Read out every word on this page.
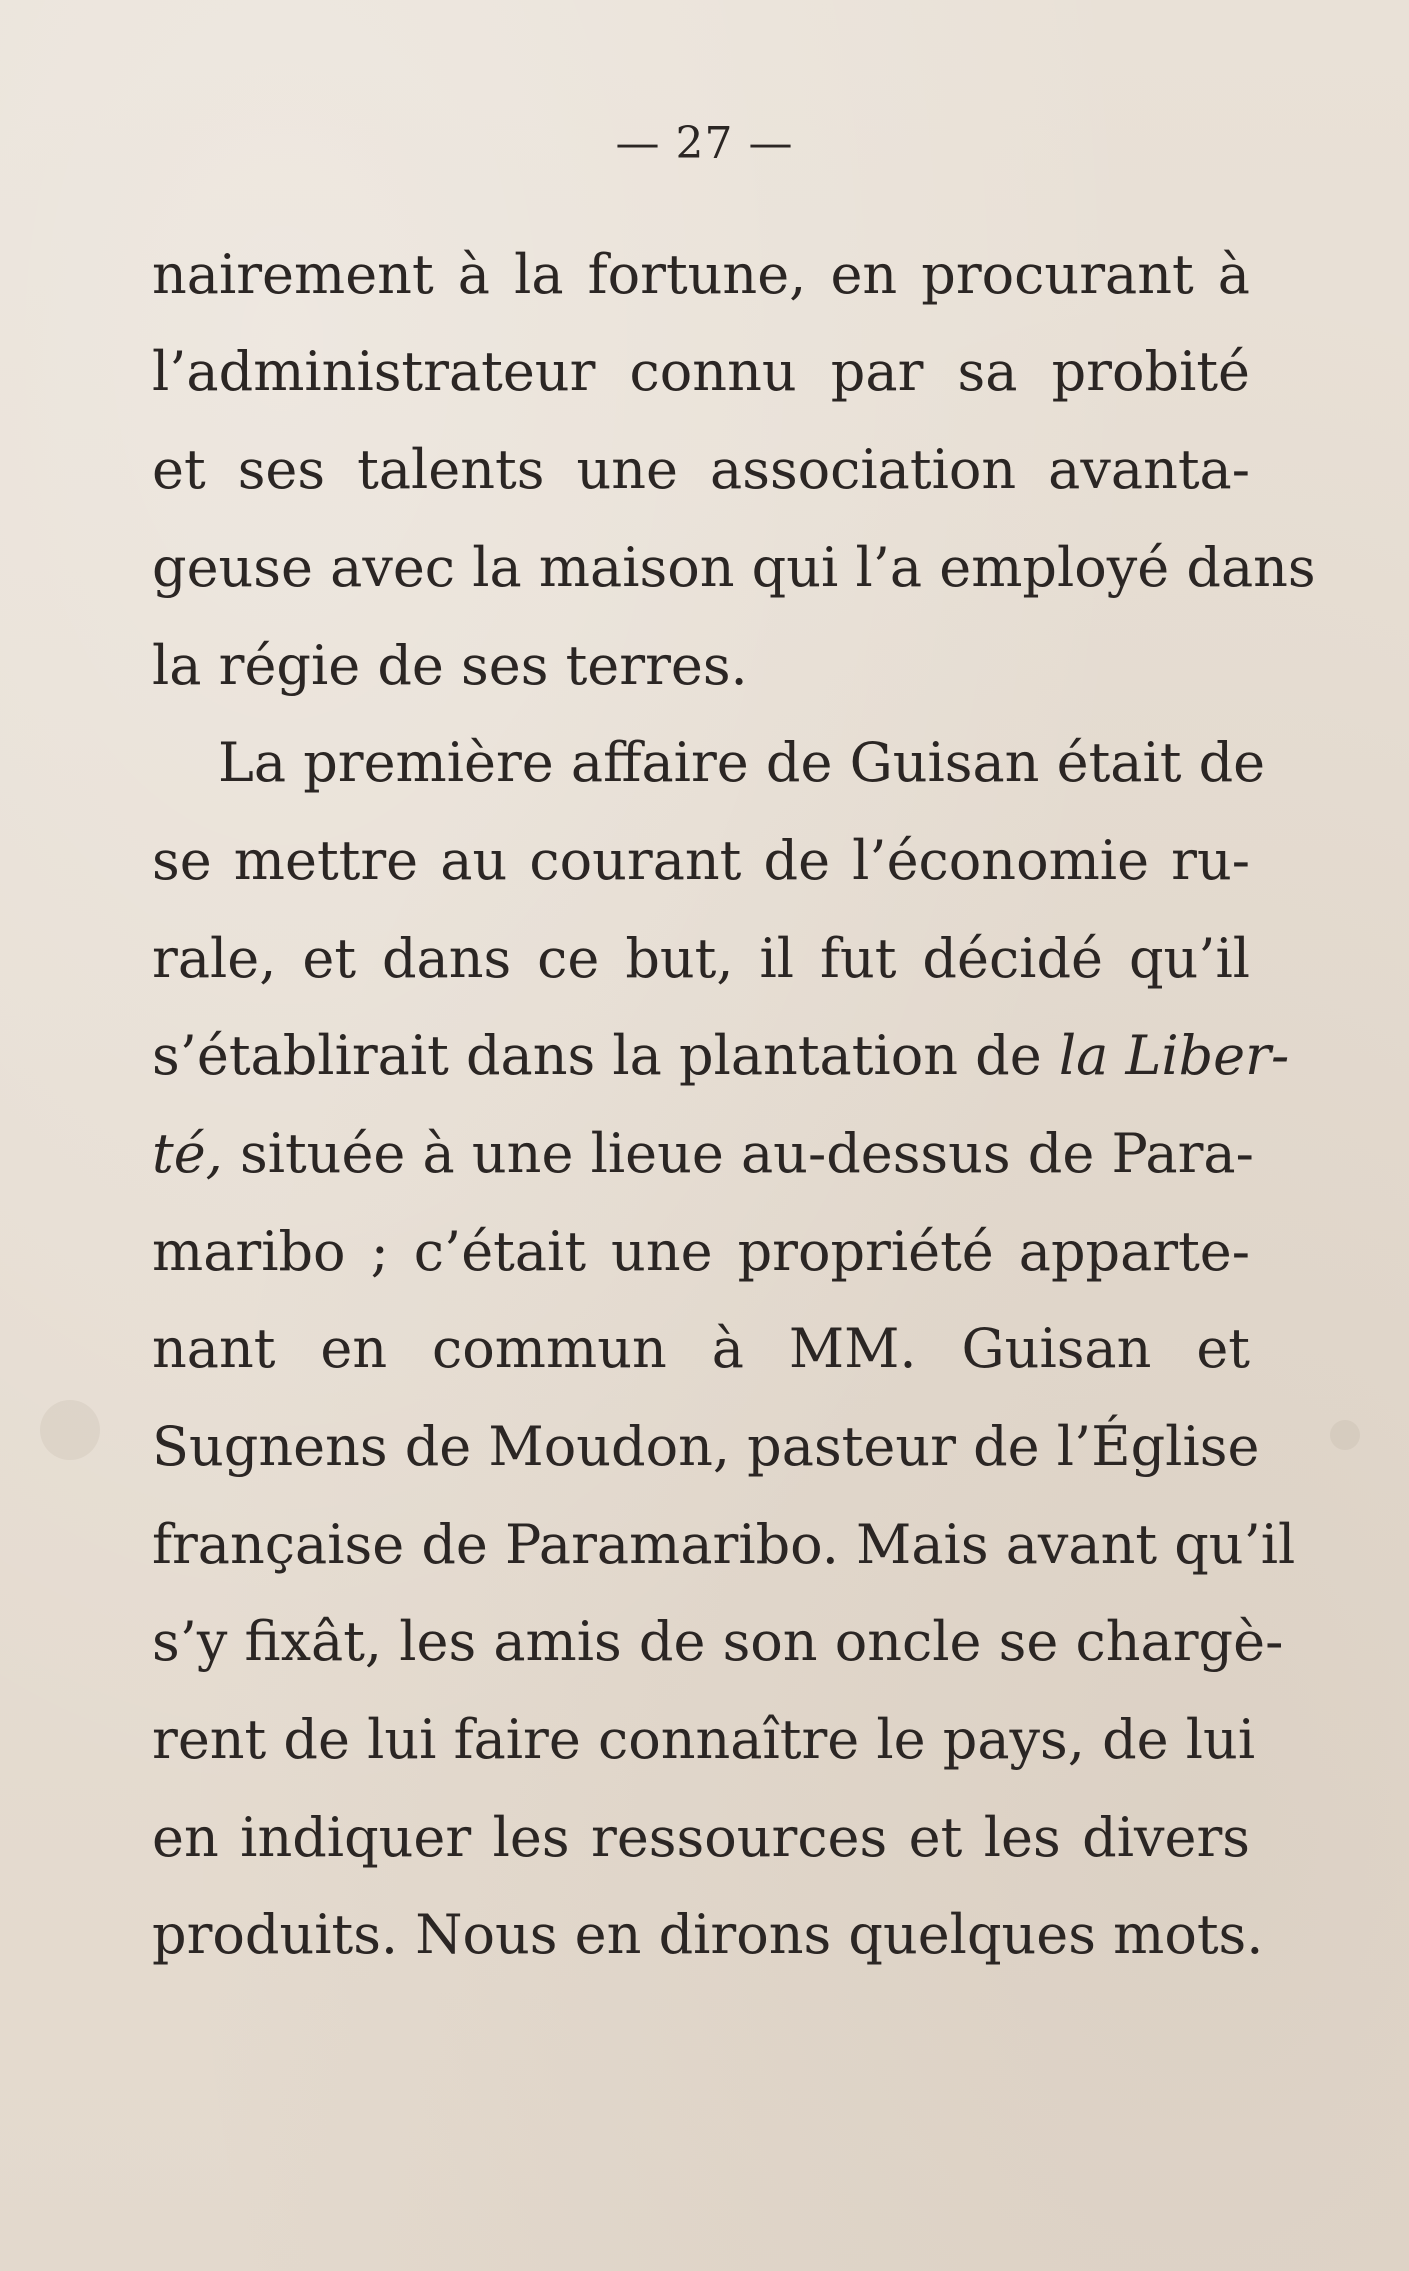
— 27 —
nairement à la fortune, en procurant à
l’administrateur connu par sa probité
et ses talents une association avanta-
geuse avec la maison qui l’a employé dans
la régie de ses terres.
La première affaire de Guisan était de
se mettre au courant de l’économie ru-
rale, et dans ce but, il fut décidé qu’il
s’établirait dans la plantation de la Liber-
té, située à une lieue au-dessus de Para-
maribo ; c’était une propriété apparte-
nant en commun à MM. Guisan et
Sugnens de Moudon, pasteur de l’Église
française de Paramaribo. Mais avant qu’il
s’y fixât, les amis de son oncle se chargè-
rent de lui faire connaître le pays, de lui
en indiquer les ressources et les divers
produits. Nous en dirons quelques mots.
